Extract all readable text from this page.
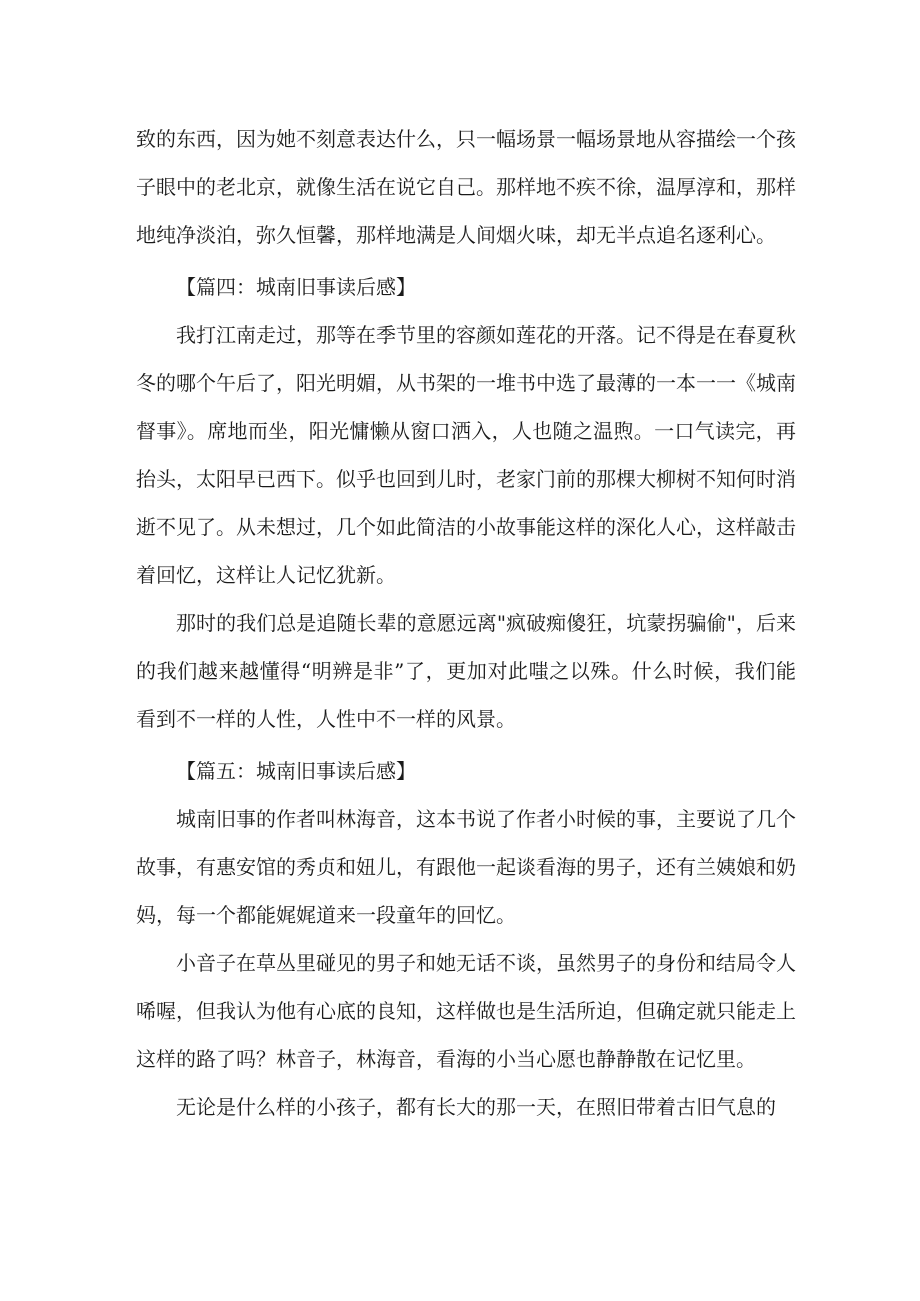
致的东西，因为她不刻意表达什么，只一幅场景一幅场景地从容描绘一个孩子眼中的老北京，就像生活在说它自己。那样地不疾不徐，温厚淳和，那样地纯净淡泊，弥久恒馨，那样地满是人间烟火味，却无半点追名逐利心。

【篇四：城南旧事读后感】

我打江南走过，那等在季节里的容颜如莲花的开落。记不得是在春夏秋冬的哪个午后了，阳光明媚，从书架的一堆书中选了最薄的一本一一《城南督事》。席地而坐，阳光慵懒从窗口洒入，人也随之温煦。一口气读完，再抬头，太阳早已西下。似乎也回到儿时，老家门前的那棵大柳树不知何时消逝不见了。从未想过，几个如此简洁的小故事能这样的深化人心，这样敲击着回忆，这样让人记忆犹新。

那时的我们总是追随长辈的意愿远离"疯破痴傻狂，坑蒙拐骗偷"，后来的我们越来越懂得“明辨是非”了，更加对此嗤之以殊。什么时候，我们能看到不一样的人性，人性中不一样的风景。

【篇五：城南旧事读后感】

城南旧事的作者叫林海音，这本书说了作者小时候的事，主要说了几个故事，有惠安馆的秀贞和妞儿，有跟他一起谈看海的男子，还有兰姨娘和奶妈，每一个都能娓娓道来一段童年的回忆。

小音子在草丛里碰见的男子和她无话不谈，虽然男子的身份和结局令人唏喔，但我认为他有心底的良知，这样做也是生活所迫，但确定就只能走上这样的路了吗？林音子，林海音，看海的小当心愿也静静散在记忆里。

无论是什么样的小孩子，都有长大的那一天，在照旧带着古旧气息的
